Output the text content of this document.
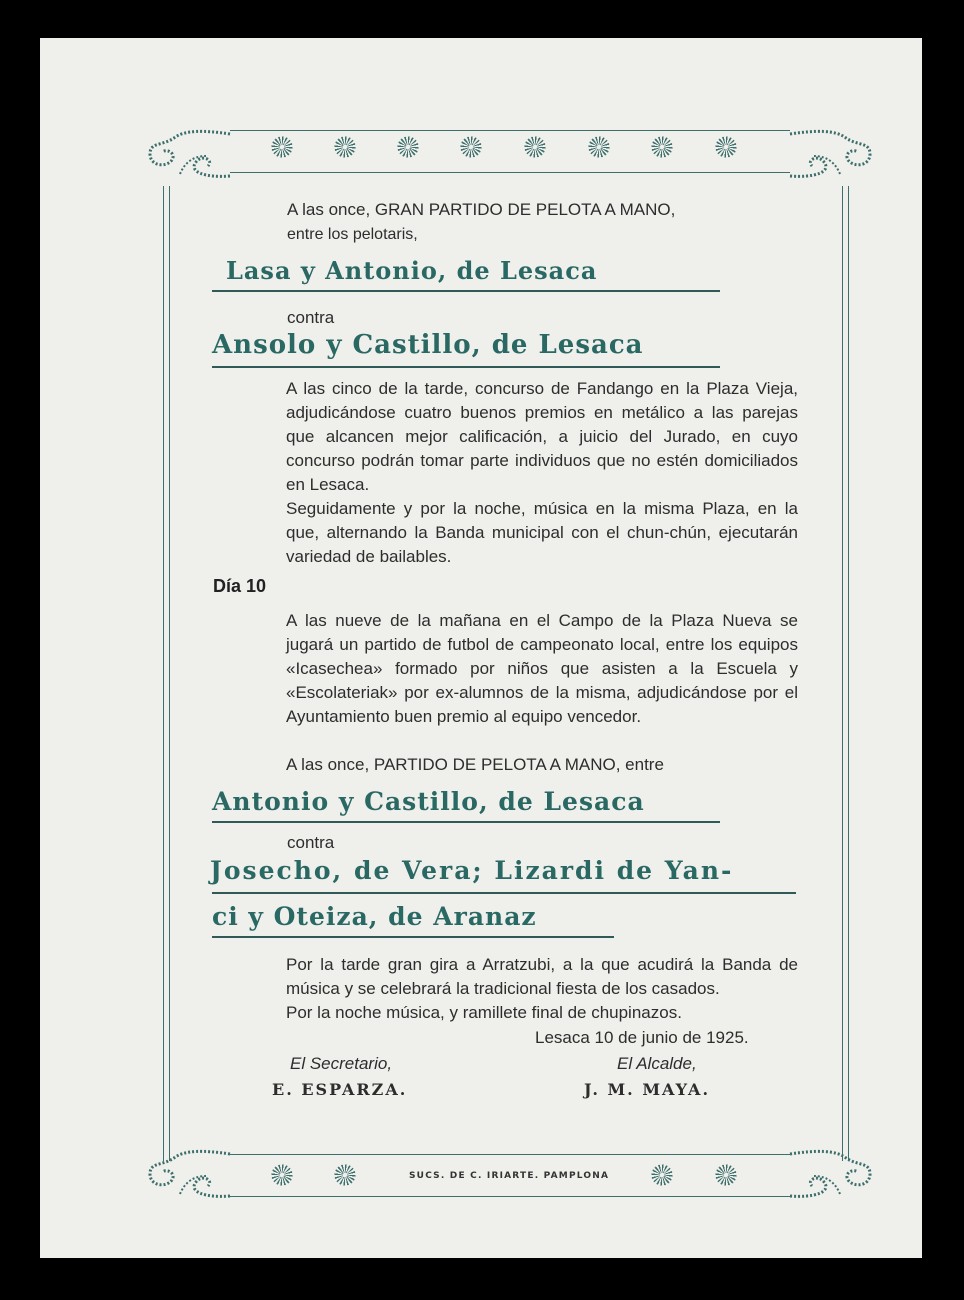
A las once, GRAN PARTIDO DE PELOTA A MANO,
entre los pelotaris,
Lasa y Antonio, de Lesaca
contra
Ansolo y Castillo, de Lesaca
A las cinco de la tarde, concurso de Fandango en la Plaza Vieja, adjudicándose cuatro buenos premios en metálico a las parejas que alcancen mejor calificación, a juicio del Jurado, en cuyo concurso podrán tomar parte individuos que no estén domiciliados en Lesaca.
Seguidamente y por la noche, música en la misma Plaza, en la que, alternando la Banda municipal con el chun-chún, ejecutarán variedad de bailables.
Día 10
A las nueve de la mañana en el Campo de la Plaza Nueva se jugará un partido de futbol de campeonato local, entre los equipos «Icasechea» formado por niños que asisten a la Escuela y «Escolateriak» por ex-alumnos de la misma, adjudicándose por el Ayuntamiento buen premio al equipo vencedor.
A las once, PARTIDO DE PELOTA A MANO, entre
Antonio y Castillo, de Lesaca
contra
Josecho, de Vera; Lizardi de Yan-
ci y Oteiza, de Aranaz
Por la tarde gran gira a Arratzubi, a la que acudirá la Banda de música y se celebrará la tradicional fiesta de los casados.
Por la noche música, y ramillete final de chupinazos.
Lesaca 10 de junio de 1925.
El Secretario,
E. ESPARZA.
El Alcalde,
J. M. MAYA.
SUCS. DE C. IRIARTE. PAMPLONA
